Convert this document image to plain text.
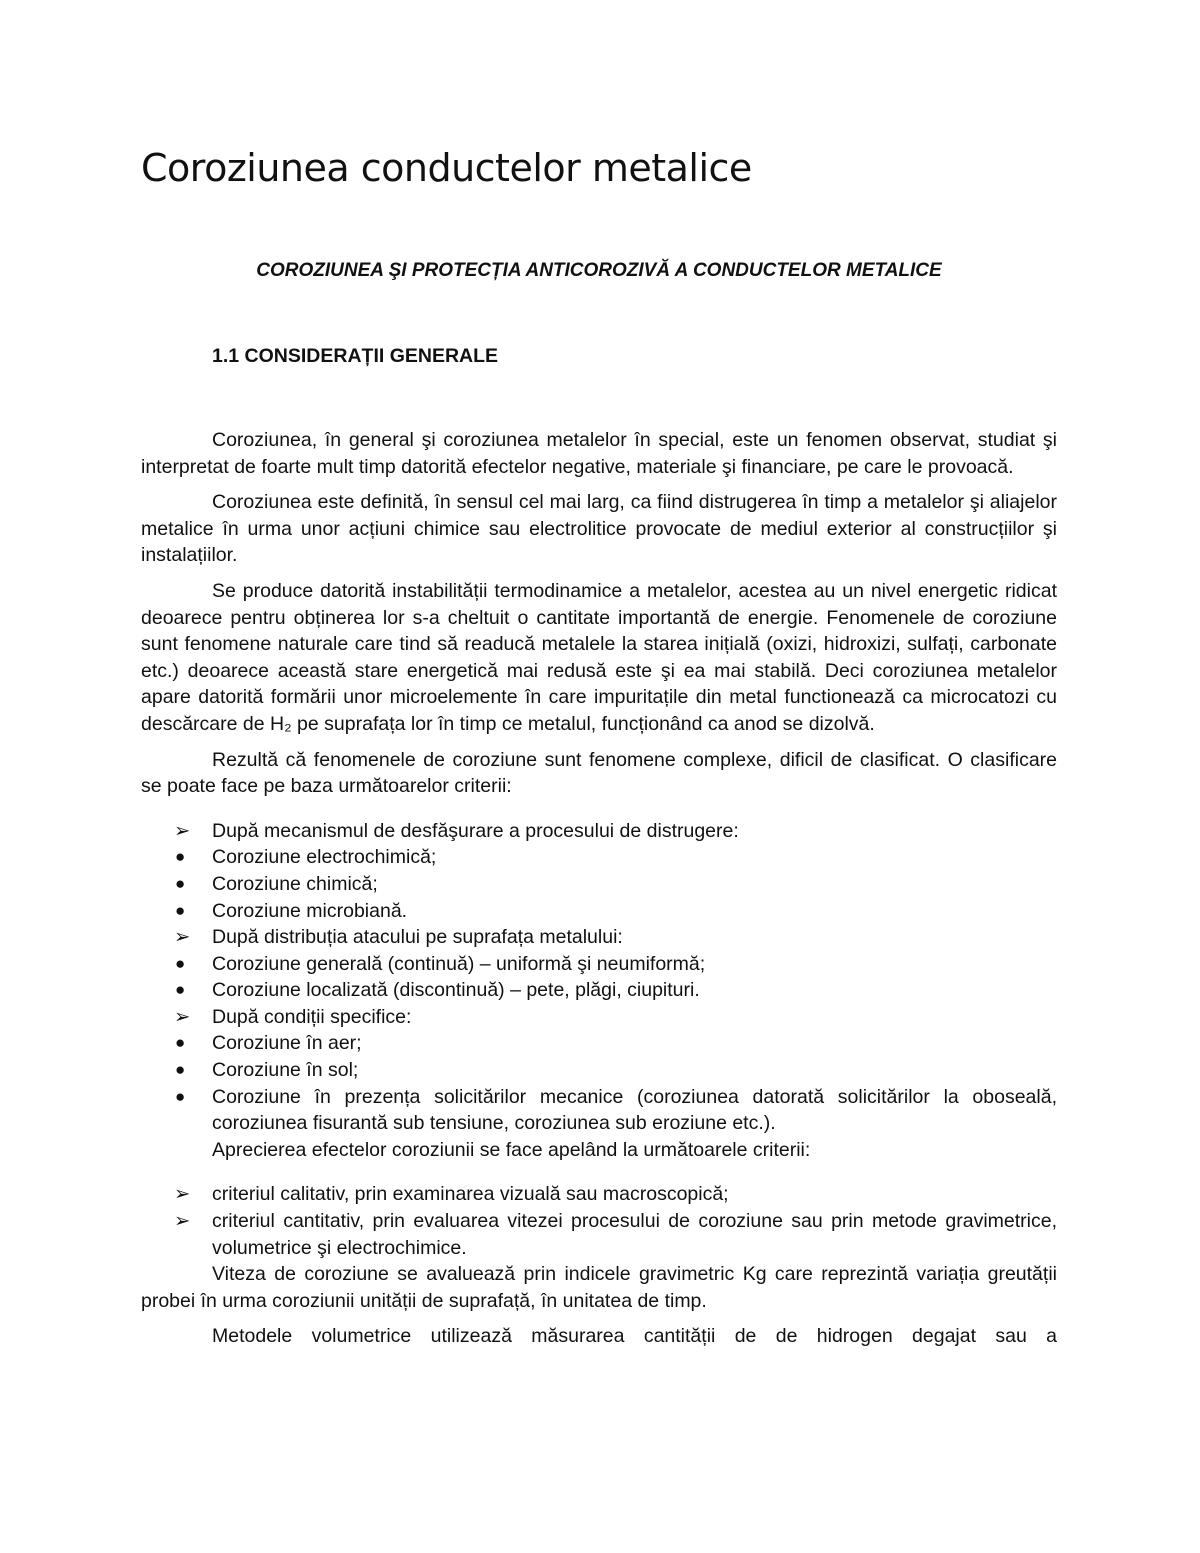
Coroziunea conductelor metalice
COROZIUNEA ŞI PROTECȚIA ANTICOROZIVĂ A CONDUCTELOR METALICE
1.1 CONSIDERAȚII GENERALE

Coroziunea, în general şi coroziunea metalelor în special, este un fenomen observat, studiat şi interpretat de foarte mult timp datorită efectelor negative, materiale şi financiare, pe care le provoacă.

Coroziunea este definită, în sensul cel mai larg, ca fiind distrugerea în timp a metalelor şi aliajelor metalice în urma unor acțiuni chimice sau electrolitice provocate de mediul exterior al construcțiilor şi instalațiilor.

Se produce datorită instabilității termodinamice a metalelor, acestea au un nivel energetic ridicat deoarece pentru obținerea lor s-a cheltuit o cantitate importantă de energie. Fenomenele de coroziune sunt fenomene naturale care tind să readucă metalele la starea inițială (oxizi, hidroxizi, sulfați, carbonate etc.) deoarece această stare energetică mai redusă este şi ea mai stabilă. Deci coroziunea metalelor apare datorită formării unor microelemente în care impuritațile din metal functionează ca microcatozi cu descărcare de H₂ pe suprafața lor în timp ce metalul, funcționând ca anod se dizolvă.

Rezultă că fenomenele de coroziune sunt fenomene complexe, dificil de clasificat. O clasificare se poate face pe baza următoarelor criterii:

➢ După mecanismul de desfăşurare a procesului de distrugere:
● Coroziune electrochimică;
● Coroziune chimică;
● Coroziune microbiană.
➢ După distribuția atacului pe suprafața metalului:
● Coroziune generală (continuă) – uniformă şi neumiformă;
● Coroziune localizată (discontinuă) – pete, plăgi, ciupituri.
➢ După condiții specifice:
● Coroziune în aer;
● Coroziune în sol;
● Coroziune în prezența solicitărilor mecanice (coroziunea datorată solicitărilor la oboseală, coroziunea fisurantă sub tensiune, coroziunea sub eroziune etc.).

Aprecierea efectelor coroziunii se face apelând la următoarele criterii:

➢ criteriul calitativ, prin examinarea vizuală sau macroscopică;
➢ criteriul cantitativ, prin evaluarea vitezei procesului de coroziune sau prin metode gravimetrice, volumetrice şi electrochimice.

Viteza de coroziune se avaluează prin indicele gravimetric Kg care reprezintă variația greutății probei în urma coroziunii unității de suprafață, în unitatea de timp.

Metodele volumetrice utilizează măsurarea cantității de de hidrogen degajat sau a
